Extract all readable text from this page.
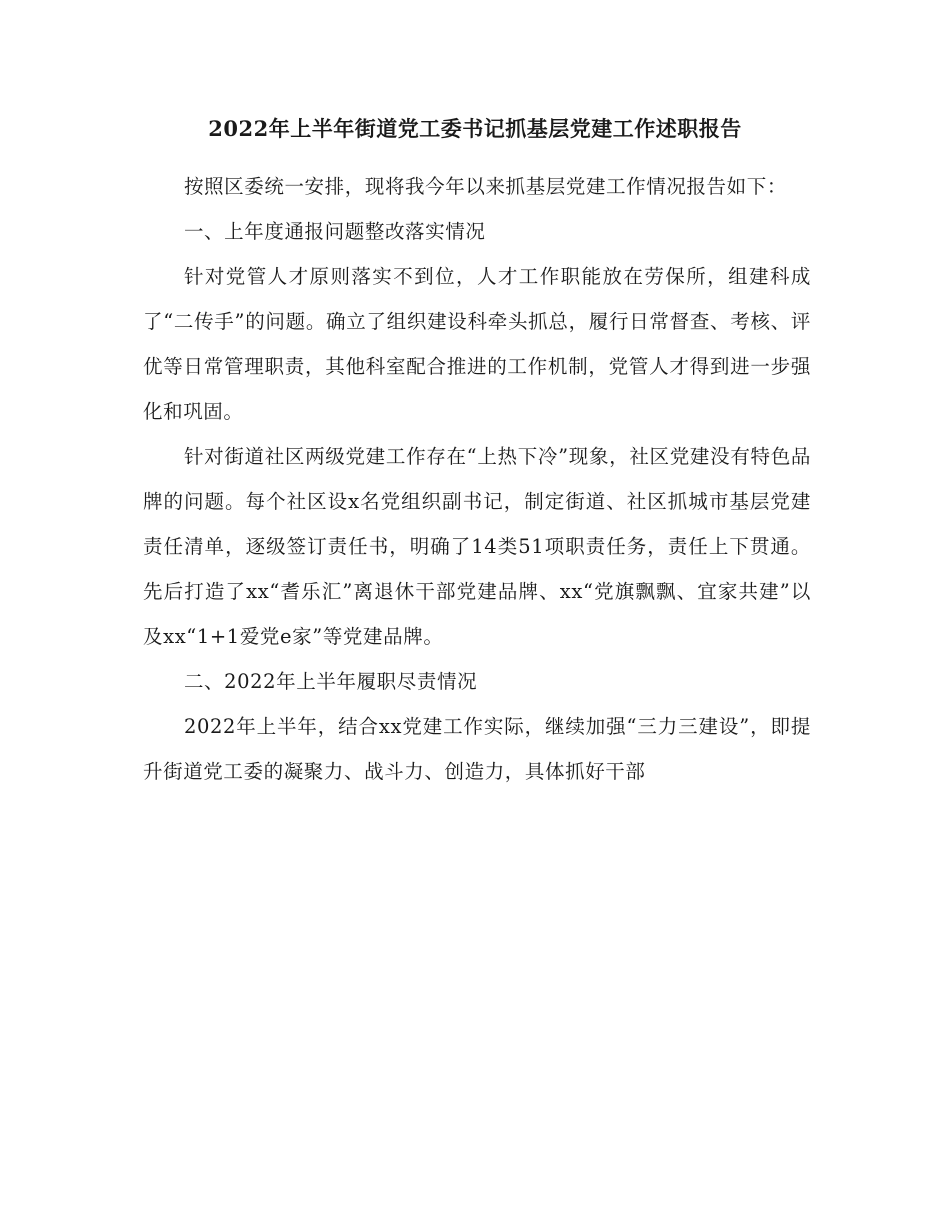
2022年上半年街道党工委书记抓基层党建工作述职报告

按照区委统一安排，现将我今年以来抓基层党建工作情况报告如下：

一、上年度通报问题整改落实情况

针对党管人才原则落实不到位，人才工作职能放在劳保所，组建科成了“二传手”的问题。确立了组织建设科牵头抓总，履行日常督查、考核、评优等日常管理职责，其他科室配合推进的工作机制，党管人才得到进一步强化和巩固。

针对街道社区两级党建工作存在“上热下冷”现象，社区党建没有特色品牌的问题。每个社区设x名党组织副书记，制定街道、社区抓城市基层党建责任清单，逐级签订责任书，明确了14类51项职责任务，责任上下贯通。先后打造了xx“耆乐汇”离退休干部党建品牌、xx“党旗飘飘、宜家共建”以及xx“1+1爱党e家”等党建品牌。

二、2022年上半年履职尽责情况

2022年上半年，结合xx党建工作实际，继续加强“三力三建设”，即提升街道党工委的凝聚力、战斗力、创造力，具体抓好干部
